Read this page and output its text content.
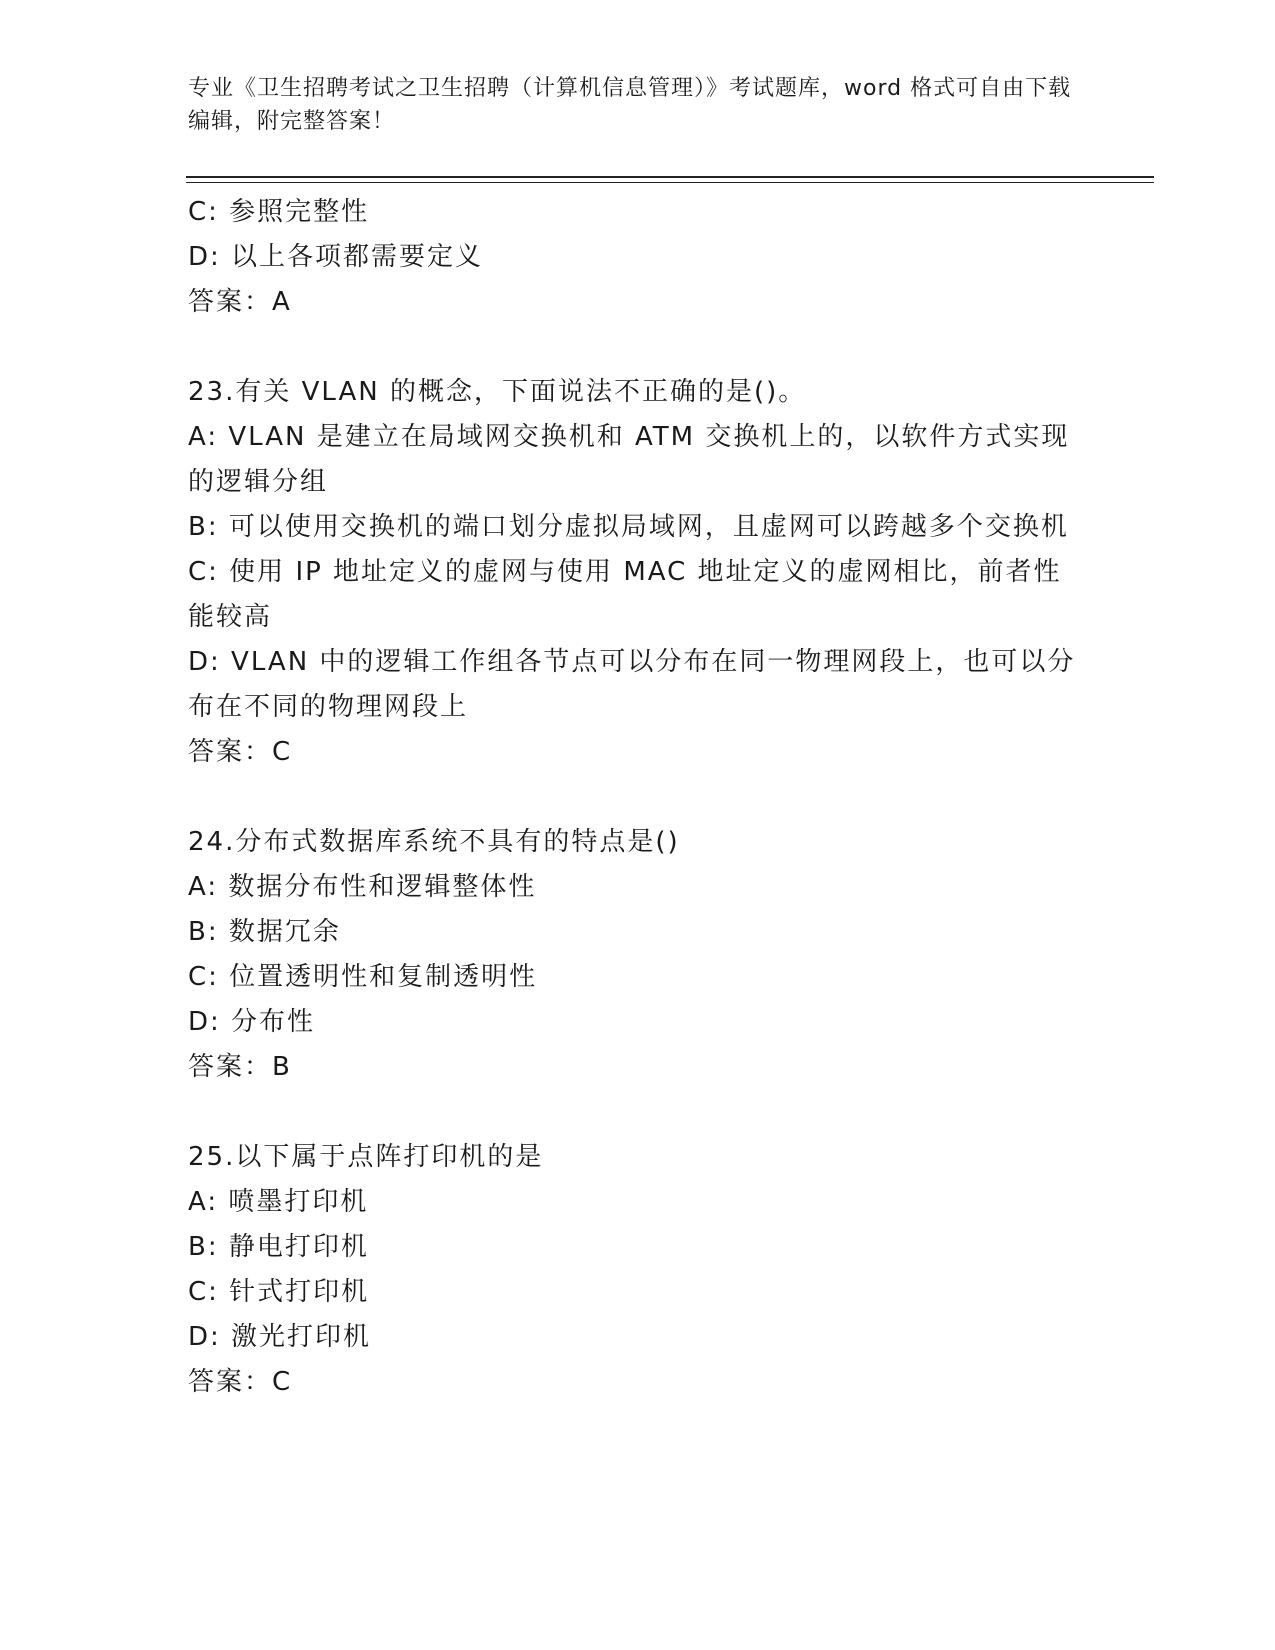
专业《卫生招聘考试之卫生招聘（计算机信息管理）》考试题库，word 格式可自由下载编辑，附完整答案！
C: 参照完整性
D: 以上各项都需要定义
答案：A
23.有关 VLAN 的概念，下面说法不正确的是()。
A: VLAN 是建立在局域网交换机和 ATM 交换机上的，以软件方式实现的逻辑分组
B: 可以使用交换机的端口划分虚拟局域网，且虚网可以跨越多个交换机
C: 使用 IP 地址定义的虚网与使用 MAC 地址定义的虚网相比，前者性能较高
D: VLAN 中的逻辑工作组各节点可以分布在同一物理网段上，也可以分布在不同的物理网段上
答案：C
24.分布式数据库系统不具有的特点是()
A: 数据分布性和逻辑整体性
B: 数据冗余
C: 位置透明性和复制透明性
D: 分布性
答案：B
25.以下属于点阵打印机的是
A: 喷墨打印机
B: 静电打印机
C: 针式打印机
D: 激光打印机
答案：C
